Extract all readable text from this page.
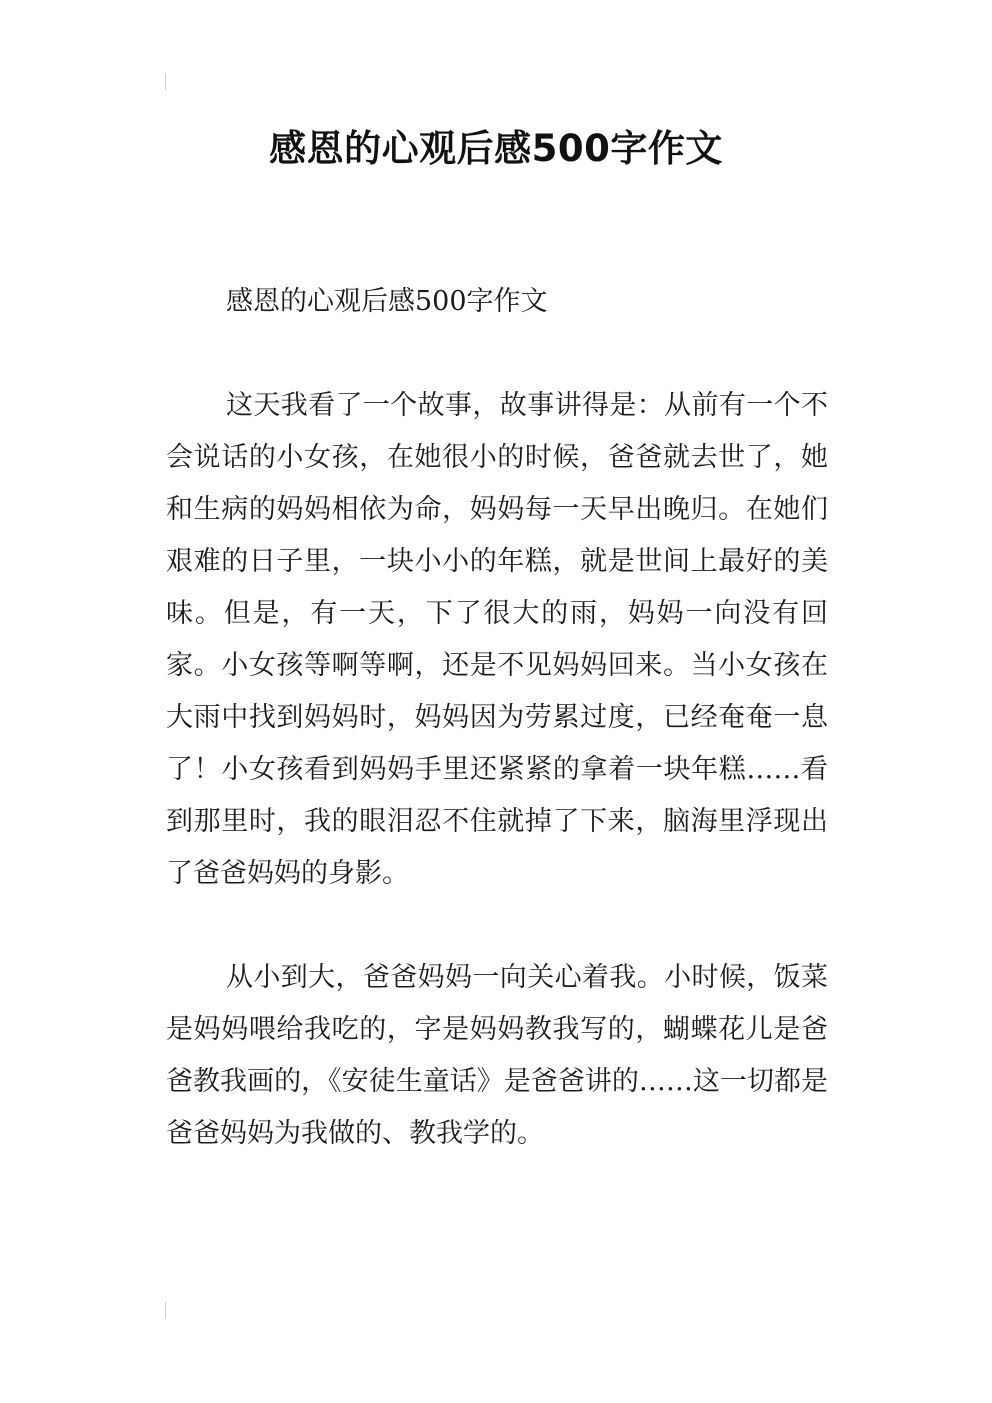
感恩的心观后感500字作文

感恩的心观后感500字作文

这天我看了一个故事，故事讲得是：从前有一个不会说话的小女孩，在她很小的时候，爸爸就去世了，她和生病的妈妈相依为命，妈妈每一天早出晚归。在她们艰难的日子里，一块小小的年糕，就是世间上最好的美味。但是，有一天，下了很大的雨，妈妈一向没有回家。小女孩等啊等啊，还是不见妈妈回来。当小女孩在大雨中找到妈妈时，妈妈因为劳累过度，已经奄奄一息了！小女孩看到妈妈手里还紧紧的拿着一块年糕……看到那里时，我的眼泪忍不住就掉了下来，脑海里浮现出了爸爸妈妈的身影。

从小到大，爸爸妈妈一向关心着我。小时候，饭菜是妈妈喂给我吃的，字是妈妈教我写的，蝴蝶花儿是爸爸教我画的，《安徒生童话》是爸爸讲的……这一切都是爸爸妈妈为我做的、教我学的。
